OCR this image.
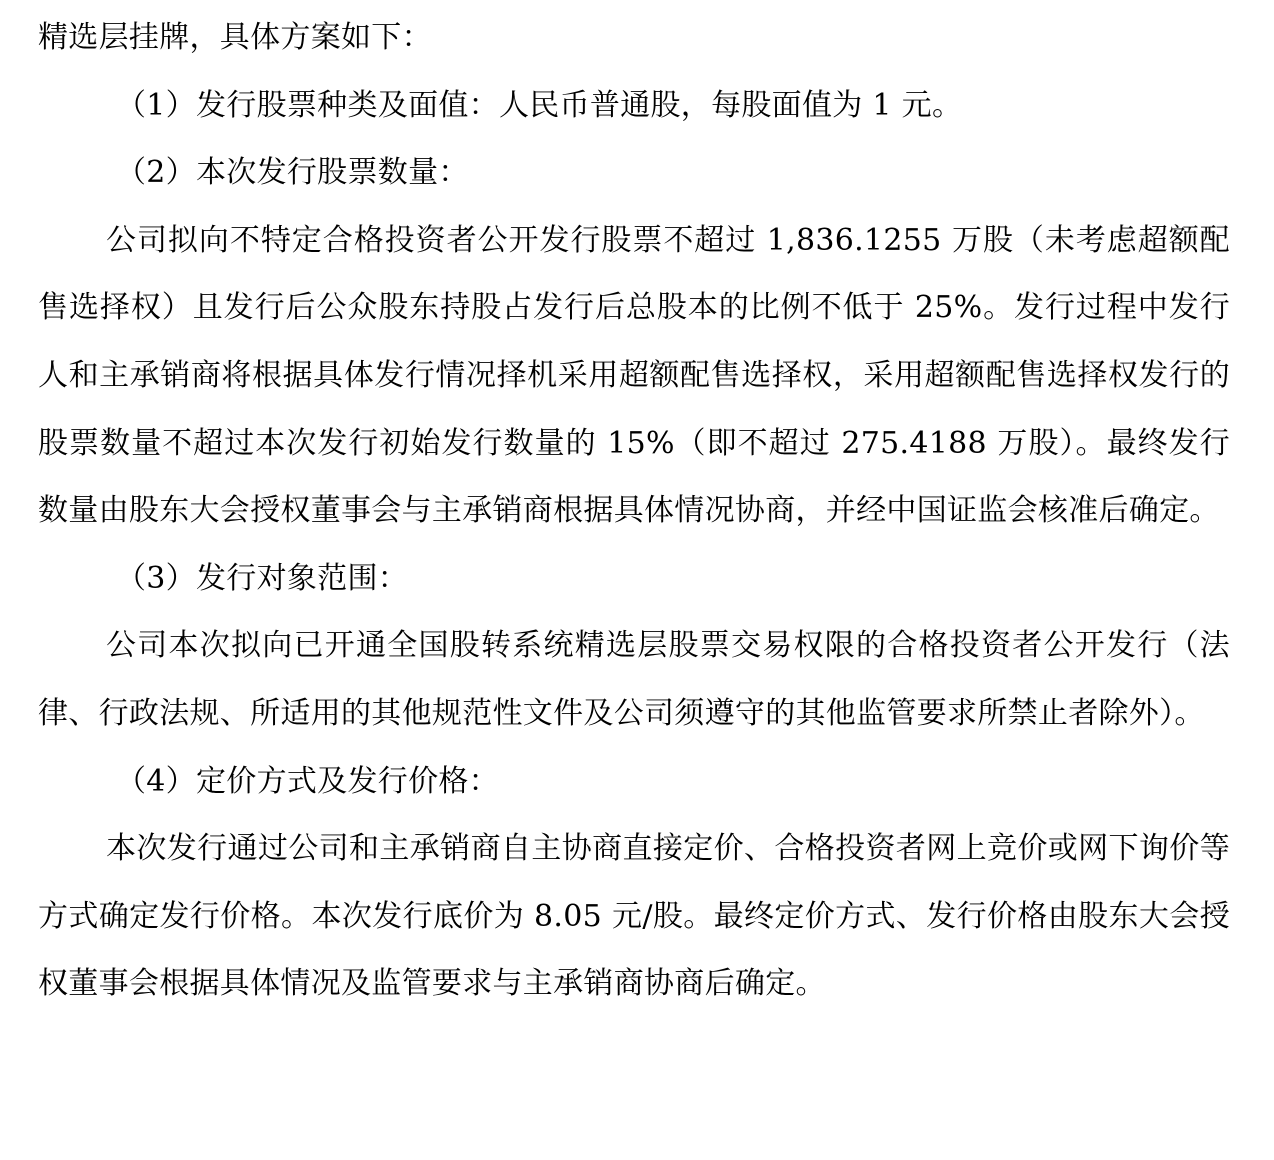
精选层挂牌，具体方案如下：

（1）发行股票种类及面值：人民币普通股，每股面值为 1 元。

（2）本次发行股票数量：

公司拟向不特定合格投资者公开发行股票不超过 1,836.1255 万股（未考虑超额配售选择权）且发行后公众股东持股占发行后总股本的比例不低于 25%。发行过程中发行人和主承销商将根据具体发行情况择机采用超额配售选择权，采用超额配售选择权发行的股票数量不超过本次发行初始发行数量的 15%（即不超过 275.4188 万股）。最终发行数量由股东大会授权董事会与主承销商根据具体情况协商，并经中国证监会核准后确定。

（3）发行对象范围：

公司本次拟向已开通全国股转系统精选层股票交易权限的合格投资者公开发行（法律、行政法规、所适用的其他规范性文件及公司须遵守的其他监管要求所禁止者除外）。

（4）定价方式及发行价格：

本次发行通过公司和主承销商自主协商直接定价、合格投资者网上竞价或网下询价等方式确定发行价格。本次发行底价为 8.05 元/股。最终定价方式、发行价格由股东大会授权董事会根据具体情况及监管要求与主承销商协商后确定。
